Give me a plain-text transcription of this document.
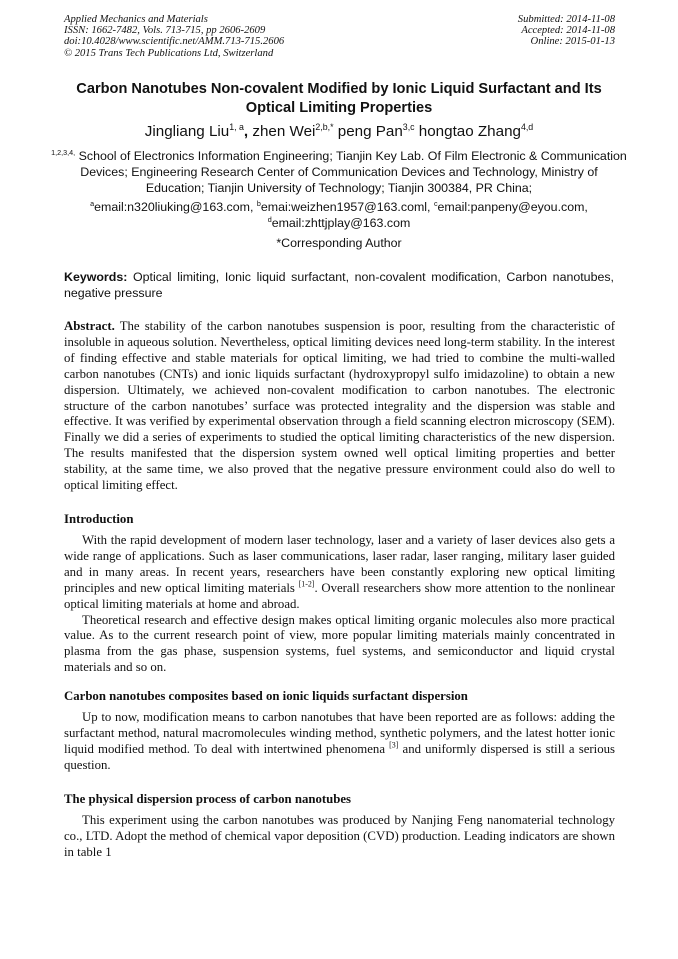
Applied Mechanics and Materials
ISSN: 1662-7482, Vols. 713-715, pp 2606-2609
doi:10.4028/www.scientific.net/AMM.713-715.2606
© 2015 Trans Tech Publications Ltd, Switzerland
Submitted: 2014-11-08
Accepted: 2014-11-08
Online: 2015-01-13
Carbon Nanotubes Non-covalent Modified by Ionic Liquid Surfactant and Its Optical Limiting Properties
Jingliang Liu$^{1, a}$, zhen Wei$^{2,b,*}$ peng Pan$^{3,c}$ hongtao Zhang$^{4,d}$
$^{1,2,3,4,}$ School of Electronics Information Engineering; Tianjin Key Lab. Of Film Electronic & Communication Devices; Engineering Research Center of Communication Devices and Technology, Ministry of Education; Tianjin University of Technology; Tianjin 300384, PR China;
$^a$email:n320liuking@163.com, $^b$emai:weizhen1957@163.coml, $^c$email:panpeny@eyou.com, $^d$email:zhttjplay@163.com
*Corresponding Author
Keywords: Optical limiting, Ionic liquid surfactant, non-covalent modification, Carbon nanotubes, negative pressure

Abstract. The stability of the carbon nanotubes suspension is poor, resulting from the characteristic of insoluble in aqueous solution. Nevertheless, optical limiting devices need long-term stability. In the interest of finding effective and stable materials for optical limiting, we had tried to combine the multi-walled carbon nanotubes (CNTs) and ionic liquids surfactant (hydroxypropyl sulfo imidazoline) to obtain a new dispersion. Ultimately, we achieved non-covalent modification to carbon nanotubes. The electronic structure of the carbon nanotubes’ surface was protected integrality and the dispersion was stable and effective. It was verified by experimental observation through a field scanning electron microscopy (SEM). Finally we did a series of experiments to studied the optical limiting characteristics of the new dispersion. The results manifested that the dispersion system owned well optical limiting properties and better stability, at the same time, we also proved that the negative pressure environment could also do well to optical limiting effect.

Introduction

With the rapid development of modern laser technology, laser and a variety of laser devices also gets a wide range of applications. Such as laser communications, laser radar, laser ranging, military laser guided and in many areas. In recent years, researchers have been constantly exploring new optical limiting principles and new optical limiting materials [1-2]. Overall researchers show more attention to the nonlinear optical limiting materials at home and abroad.

Theoretical research and effective design makes optical limiting organic molecules also more practical value. As to the current research point of view, more popular limiting materials mainly concentrated in plasma from the gas phase, suspension systems, fuel systems, and semiconductor and liquid crystal materials and so on.

Carbon nanotubes composites based on ionic liquids surfactant dispersion

Up to now, modification means to carbon nanotubes that have been reported are as follows: adding the surfactant method, natural macromolecules winding method, synthetic polymers, and the latest hotter ionic liquid modified method. To deal with intertwined phenomena [3] and uniformly dispersed is still a serious question.

The physical dispersion process of carbon nanotubes

This experiment using the carbon nanotubes was produced by Nanjing Feng nanomaterial technology co., LTD. Adopt the method of chemical vapor deposition (CVD) production. Leading indicators are shown in table 1
